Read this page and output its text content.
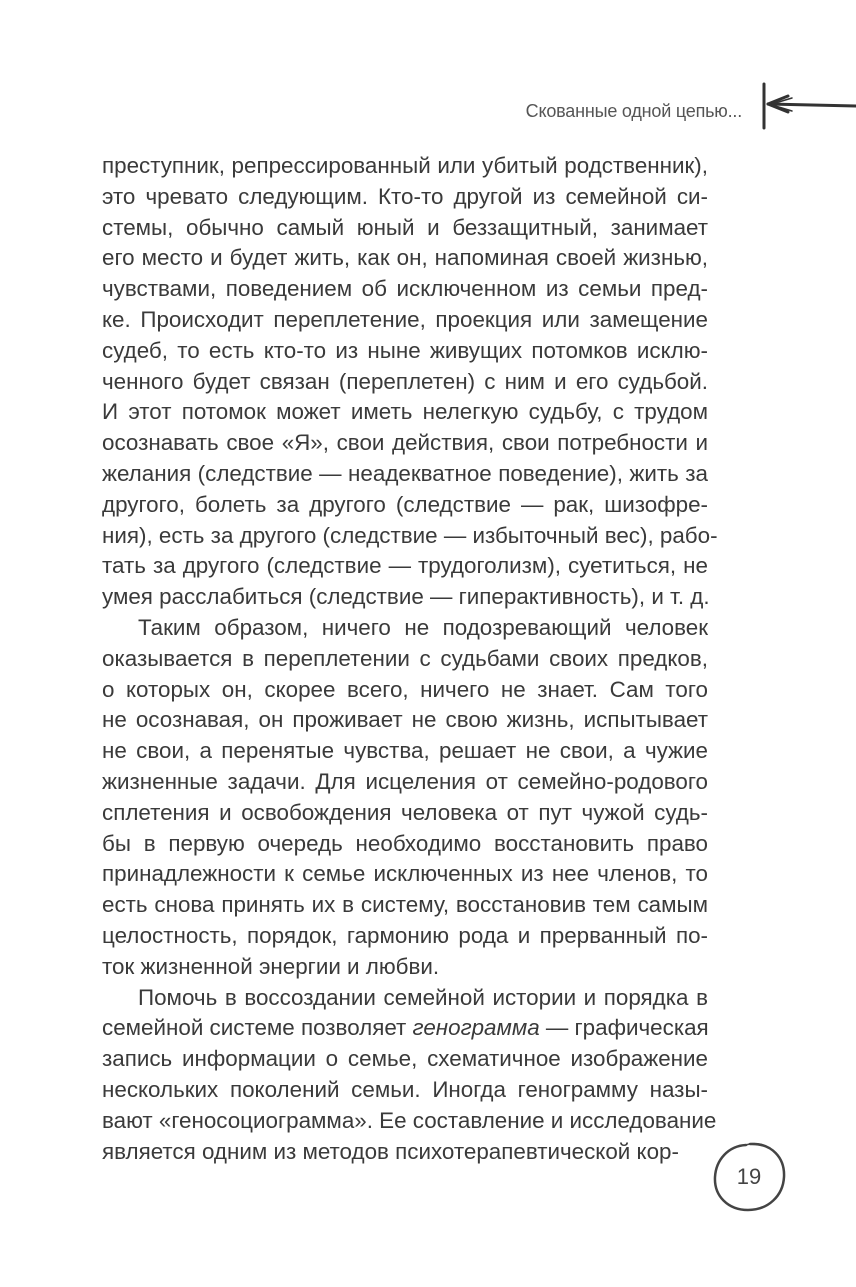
Скованные одной цепью...
преступник, репрессированный или убитый родственник),
это чревато следующим. Кто-то другой из семейной си-
стемы, обычно самый юный и беззащитный, занимает
его место и будет жить, как он, напоминая своей жизнью,
чувствами, поведением об исключенном из семьи пред-
ке. Происходит переплетение, проекция или замещение
судеб, то есть кто-то из ныне живущих потомков исклю-
ченного будет связан (переплетен) с ним и его судьбой.
И этот потомок может иметь нелегкую судьбу, с трудом
осознавать свое «Я», свои действия, свои потребности и
желания (следствие — неадекватное поведение), жить за
другого, болеть за другого (следствие — рак, шизофре-
ния), есть за другого (следствие — избыточный вес), рабо-
тать за другого (следствие — трудоголизм), суетиться, не
умея расслабиться (следствие — гиперактивность), и т. д.
Таким образом, ничего не подозревающий человек
оказывается в переплетении с судьбами своих предков,
о которых он, скорее всего, ничего не знает. Сам того
не осознавая, он проживает не свою жизнь, испытывает
не свои, а перенятые чувства, решает не свои, а чужие
жизненные задачи. Для исцеления от семейно-родового
сплетения и освобождения человека от пут чужой судь-
бы в первую очередь необходимо восстановить право
принадлежности к семье исключенных из нее членов, то
есть снова принять их в систему, восстановив тем самым
целостность, порядок, гармонию рода и прерванный по-
ток жизненной энергии и любви.
Помочь в воссоздании семейной истории и порядка в
семейной системе позволяет генограмма — графическая
запись информации о семье, схематичное изображение
нескольких поколений семьи. Иногда генограмму назы-
вают «геносоциограмма». Ее составление и исследование
является одним из методов психотерапевтической кор-
19
